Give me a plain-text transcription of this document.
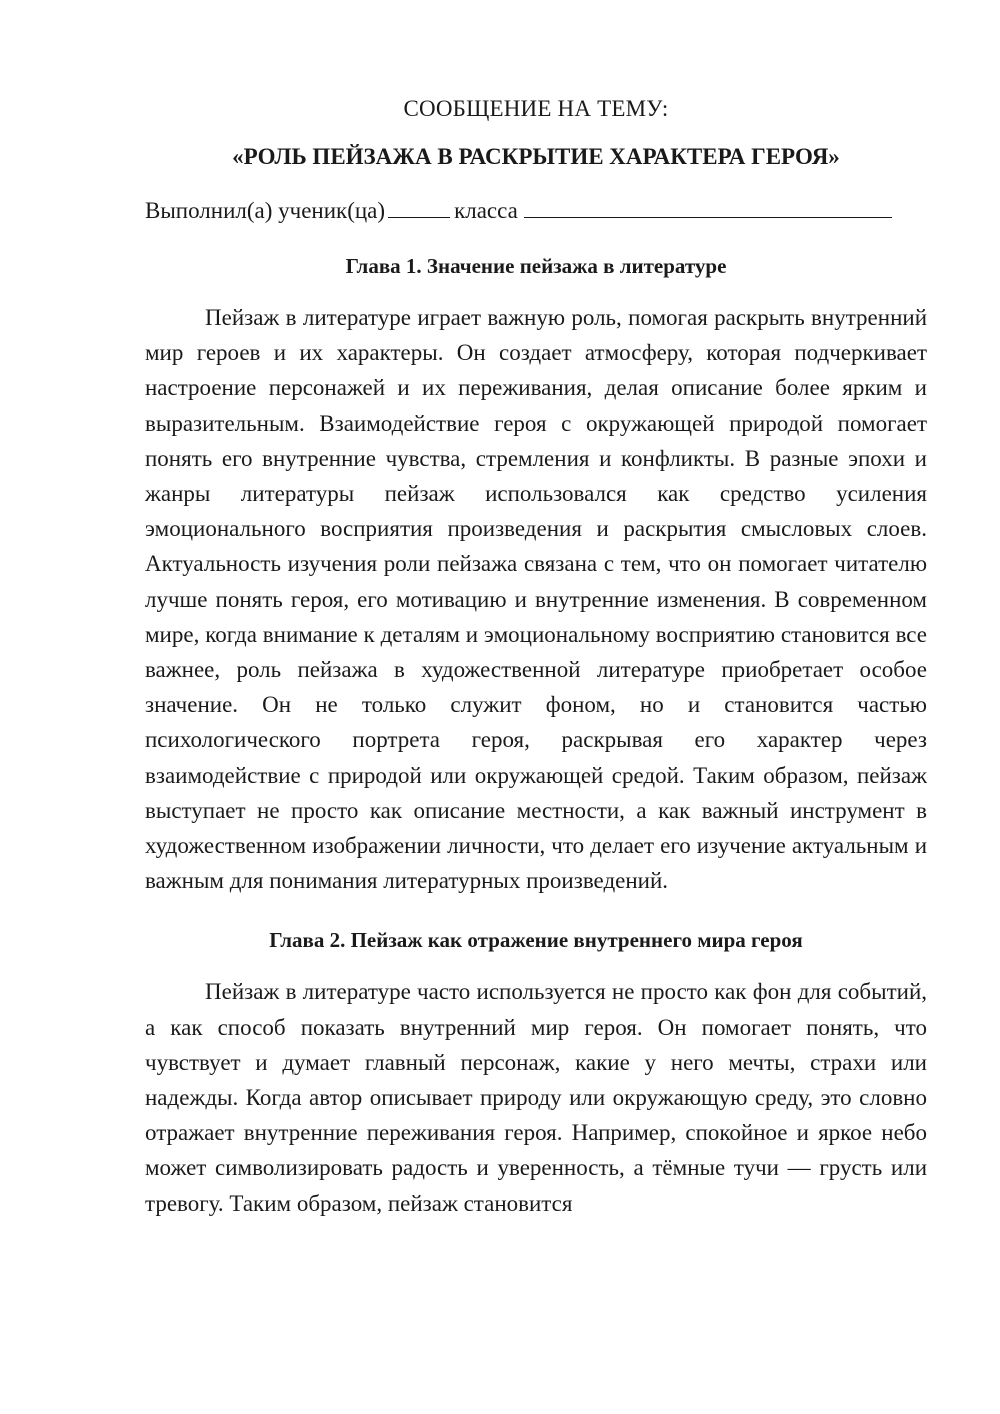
СООБЩЕНИЕ НА ТЕМУ:

«РОЛЬ ПЕЙЗАЖА В РАСКРЫТИЕ ХАРАКТЕРА ГЕРОЯ»

Выполнил(а) ученик(ца)	класса
Глава 1. Значение пейзажа в литературе

Пейзаж в литературе играет важную роль, помогая раскрыть внутренний мир героев и их характеры. Он создает атмосферу, которая подчеркивает настроение персонажей и их переживания, делая описание более ярким и выразительным. Взаимодействие героя с окружающей природой помогает понять его внутренние чувства, стремления и конфликты. В разные эпохи и жанры литературы пейзаж использовался как средство усиления эмоционального восприятия произведения и раскрытия смысловых слоев. Актуальность изучения роли пейзажа связана с тем, что он помогает читателю лучше понять героя, его мотивацию и внутренние изменения. В современном мире, когда внимание к деталям и эмоциональному восприятию становится все важнее, роль пейзажа в художественной литературе приобретает особое значение. Он не только служит фоном, но и становится частью психологического портрета героя, раскрывая его характер через взаимодействие с природой или окружающей средой. Таким образом, пейзаж выступает не просто как описание местности, а как важный инструмент в художественном изображении личности, что делает его изучение актуальным и важным для понимания литературных произведений.

Глава 2. Пейзаж как отражение внутреннего мира героя

Пейзаж в литературе часто используется не просто как фон для событий, а как способ показать внутренний мир героя. Он помогает понять, что чувствует и думает главный персонаж, какие у него мечты, страхи или надежды. Когда автор описывает природу или окружающую среду, это словно отражает внутренние переживания героя. Например, спокойное и яркое небо может символизировать радость и уверенность, а тёмные тучи — грусть или тревогу. Таким образом, пейзаж становится
